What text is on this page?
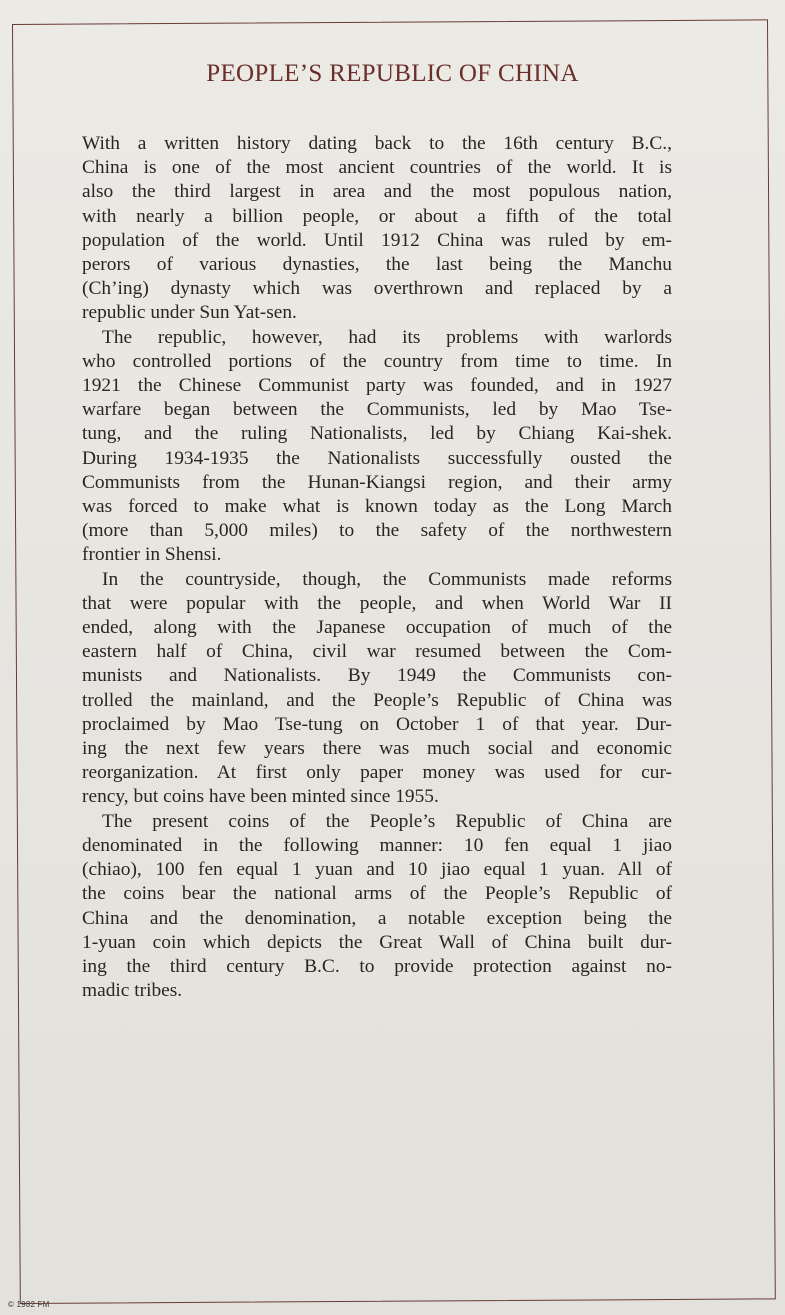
PEOPLE’S REPUBLIC OF CHINA

With a written history dating back to the 16th century B.C.,
China is one of the most ancient countries of the world. It is
also the third largest in area and the most populous nation,
with nearly a billion people, or about a fifth of the total
population of the world. Until 1912 China was ruled by em-
perors of various dynasties, the last being the Manchu
(Ch’ing) dynasty which was overthrown and replaced by a
republic under Sun Yat-sen.

The republic, however, had its problems with warlords
who controlled portions of the country from time to time. In
1921 the Chinese Communist party was founded, and in 1927
warfare began between the Communists, led by Mao Tse-
tung, and the ruling Nationalists, led by Chiang Kai-shek.
During 1934-1935 the Nationalists successfully ousted the
Communists from the Hunan-Kiangsi region, and their army
was forced to make what is known today as the Long March
(more than 5,000 miles) to the safety of the northwestern
frontier in Shensi.

In the countryside, though, the Communists made reforms
that were popular with the people, and when World War II
ended, along with the Japanese occupation of much of the
eastern half of China, civil war resumed between the Com-
munists and Nationalists. By 1949 the Communists con-
trolled the mainland, and the People’s Republic of China was
proclaimed by Mao Tse-tung on October 1 of that year. Dur-
ing the next few years there was much social and economic
reorganization. At first only paper money was used for cur-
rency, but coins have been minted since 1955.

The present coins of the People’s Republic of China are
denominated in the following manner: 10 fen equal 1 jiao
(chiao), 100 fen equal 1 yuan and 10 jiao equal 1 yuan. All of
the coins bear the national arms of the People’s Republic of
China and the denomination, a notable exception being the
1-yuan coin which depicts the Great Wall of China built dur-
ing the third century B.C. to provide protection against no-
madic tribes.

© 1982 FM
